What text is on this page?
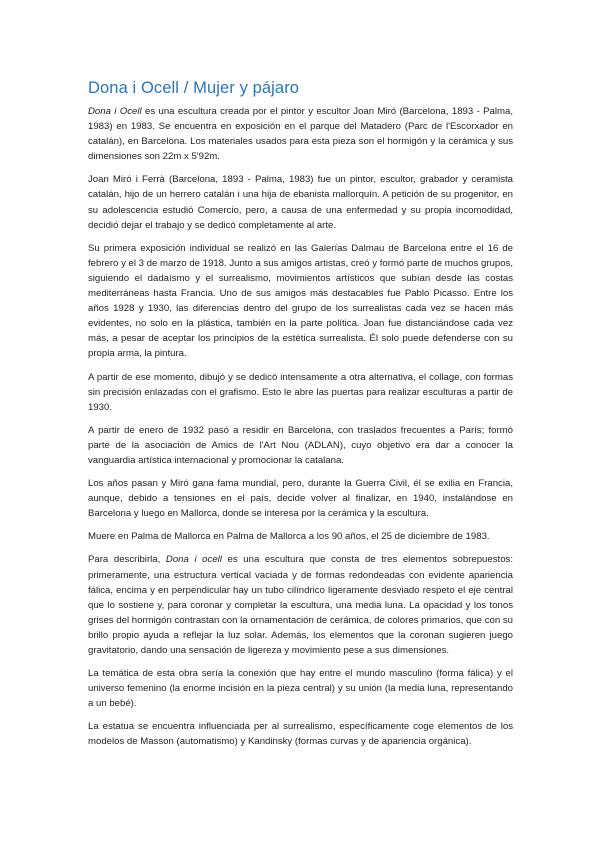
Dona i Ocell / Mujer y pájaro

Dona i Ocell es una escultura creada por el pintor y escultor Joan Miró (Barcelona, 1893 - Palma, 1983) en 1983. Se encuentra en exposición en el parque del Matadero (Parc de l'Escorxador en catalán), en Barcelona. Los materiales usados para esta pieza son el hormigón y la cerámica y sus dimensiones son 22m x 5'92m.

Joan Miró i Ferrà (Barcelona, 1893 - Palma, 1983) fue un pintor, escultor, grabador y ceramista catalán, hijo de un herrero catalán i una hija de ebanista mallorquín. A petición de su progenitor, en su adolescencia estudió Comercio, pero, a causa de una enfermedad y su propia incomodidad, decidió dejar el trabajo y se dedicó completamente al arte.

Su primera exposición individual se realizó en las Galerías Dalmau de Barcelona entre el 16 de febrero y el 3 de marzo de 1918. Junto a sus amigos artistas, creó y formó parte de muchos grupos, siguiendo el dadaísmo y el surrealismo, movimientos artísticos que subían desde las costas mediterráneas hasta Francia. Uno de sus amigos más destacables fue Pablo Picasso. Entre los años 1928 y 1930, las diferencias dentro del grupo de los surrealistas cada vez se hacen más evidentes, no solo en la plástica, también en la parte política. Joan fue distanciándose cada vez más, a pesar de aceptar los principios de la estética surrealista. Él solo puede defenderse con su propia arma, la pintura.

A partir de ese momento, dibujó y se dedicó intensamente a otra alternativa, el collage, con formas sin precisión enlazadas con el grafismo. Esto le abre las puertas para realizar esculturas a partir de 1930.

A partir de enero de 1932 pasó a residir en Barcelona, con traslados frecuentes a París; formó parte de la asociación de Amics de l'Art Nou (ADLAN), cuyo objetivo era dar a conocer la vanguardia artística internacional y promocionar la catalana.

Los años pasan y Miró gana fama mundial, pero, durante la Guerra Civil, él se exilia en Francia, aunque, debido a tensiones en el país, decide volver al finalizar, en 1940, instalándose en Barcelona y luego en Mallorca, donde se interesa por la cerámica y la escultura.

Muere en Palma de Mallorca en Palma de Mallorca a los 90 años, el 25 de diciembre de 1983.

Para describirla, Dona i ocell es una escultura que consta de tres elementos sobrepuestos: primeramente, una estructura vertical vaciada y de formas redondeadas con evidente apariencia fálica, encima y en perpendicular hay un tubo cilíndrico ligeramente desviado respeto el eje central que lo sostiene y, para coronar y completar la escultura, una media luna. La opacidad y los tonos grises del hormigón contrastan con la ornamentación de cerámica, de colores primarios, que con su brillo propio ayuda a reflejar la luz solar. Además, los elementos que la coronan sugieren juego gravitatorio, dando una sensación de ligereza y movimiento pese a sus dimensiones.

La temática de esta obra sería la conexión que hay entre el mundo masculino (forma fálica) y el universo femenino (la enorme incisión en la pieza central) y su unión (la media luna, representando a un bebé).

La estatua se encuentra influenciada per al surrealismo, específicamente coge elementos de los modelos de Masson (automatismo) y Kandinsky (formas curvas y de apariencia orgánica).
